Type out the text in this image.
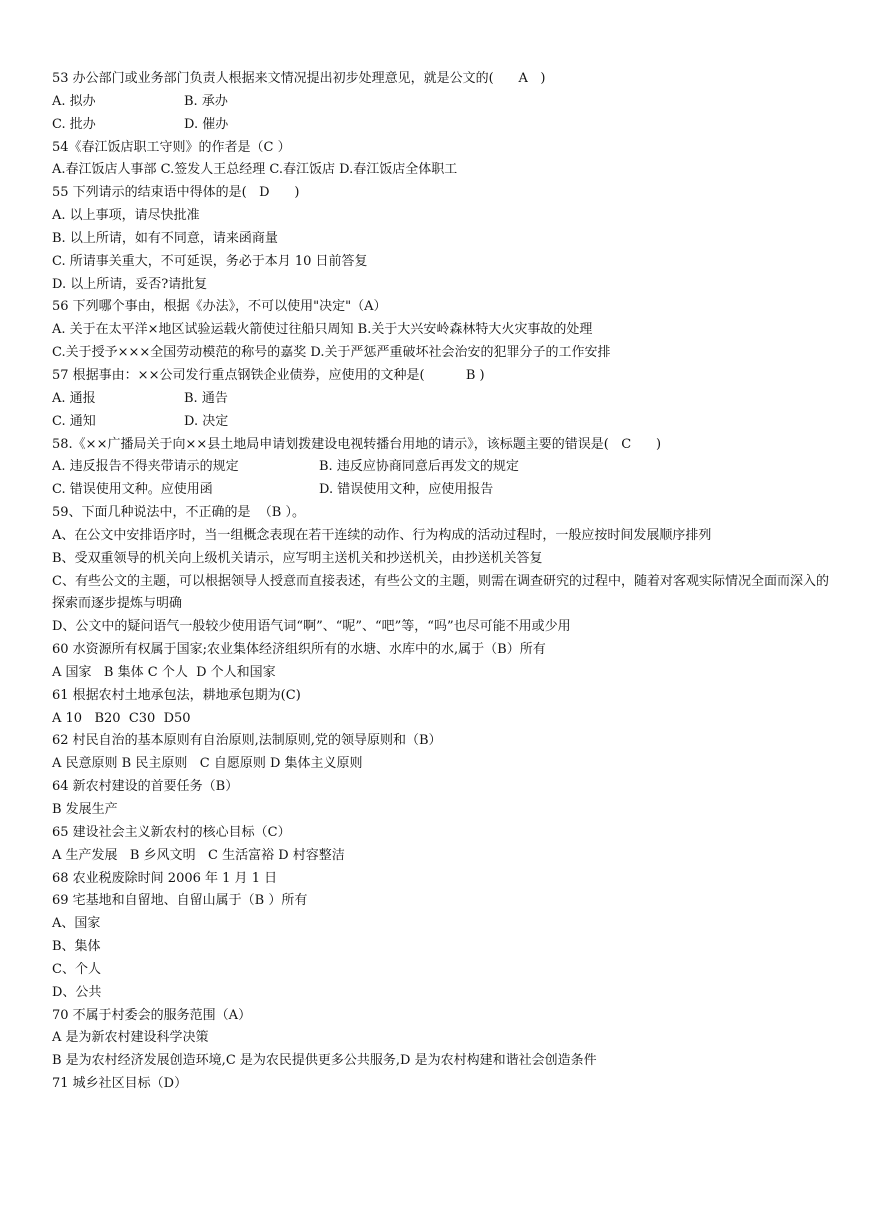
53 办公部门或业务部门负责人根据来文情况提出初步处理意见，就是公文的(      A   )
A. 拟办	B. 承办
C. 批办	D. 催办
54《春江饭店职工守则》的作者是（C ）
A.春江饭店人事部 C.签发人王总经理 C.春江饭店 D.春江饭店全体职工
55 下列请示的结束语中得体的是(   D      )
A. 以上事项，请尽快批准
B. 以上所请，如有不同意，请来函商量
C. 所请事关重大，不可延误，务必于本月 10 日前答复
D. 以上所请，妥否?请批复
56 下列哪个事由，根据《办法》，不可以使用"决定"（A）
A. 关于在太平洋×地区试验运载火箭使过往船只周知 B.关于大兴安岭森林特大火灾事故的处理
C.关于授予×××全国劳动模范的称号的嘉奖 D.关于严惩严重破坏社会治安的犯罪分子的工作安排
57 根据事由：××公司发行重点钢铁企业债券，应使用的文种是(          B )
A. 通报	B. 通告
C. 通知	D. 决定
58.《××广播局关于向××县土地局申请划拨建设电视转播台用地的请示》，该标题主要的错误是(   C      )
A. 违反报告不得夹带请示的规定	B. 违反应协商同意后再发文的规定
C. 错误使用文种。应使用函	D. 错误使用文种，应使用报告
59、下面几种说法中，不正确的是  （B ）。
A、在公文中安排语序时，当一组概念表现在若干连续的动作、行为构成的活动过程时，一般应按时间发展顺序排列
B、受双重领导的机关向上级机关请示，应写明主送机关和抄送机关，由抄送机关答复
C、有些公文的主题，可以根据领导人授意而直接表述，有些公文的主题，则需在调查研究的过程中，随着对客观实际情况全面而深入的探索而逐步提炼与明确
D、公文中的疑问语气一般较少使用语气词“啊”、“呢”、“吧”等，“吗”也尽可能不用或少用
60 水资源所有权属于国家;农业集体经济组织所有的水塘、水库中的水,属于（B）所有
A 国家   B 集体 C 个人  D 个人和国家
61 根据农村土地承包法，耕地承包期为(C)
A 10   B20  C30  D50
62 村民自治的基本原则有自治原则,法制原则,党的领导原则和（B）
A 民意原则 B 民主原则   C 自愿原则 D 集体主义原则
64 新农村建设的首要任务（B）
B 发展生产
65 建设社会主义新农村的核心目标（C）
A 生产发展   B 乡风文明   C 生活富裕 D 村容整洁
68 农业税废除时间 2006 年 1 月 1 日
69 宅基地和自留地、自留山属于（B ）所有
A、国家
B、集体
C、个人
D、公共
70 不属于村委会的服务范围（A）
A 是为新农村建设科学决策
B 是为农村经济发展创造环境,C 是为农民提供更多公共服务,D 是为农村构建和谐社会创造条件
71 城乡社区目标（D）
